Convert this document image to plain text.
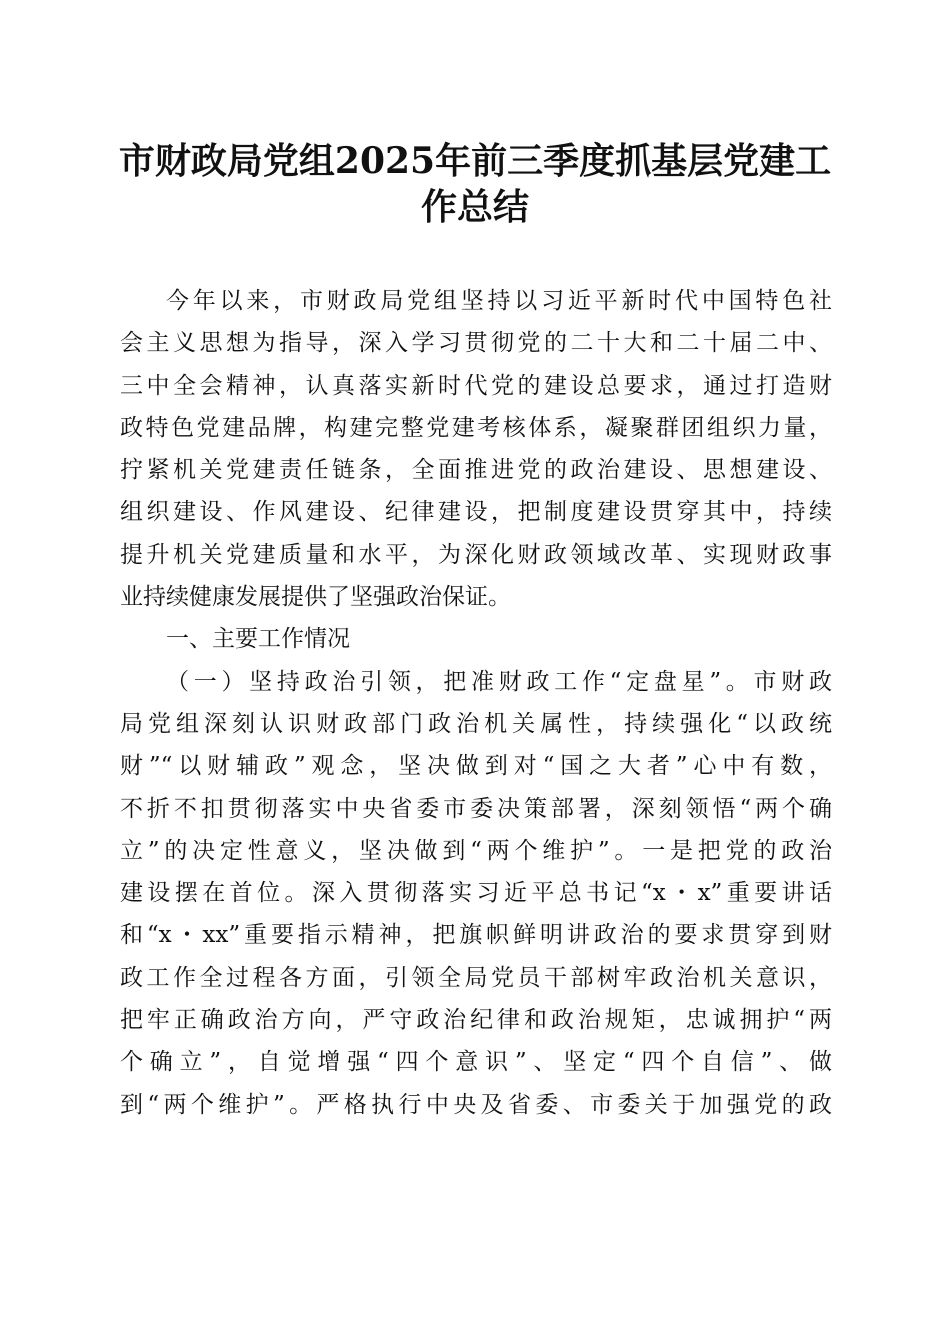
市财政局党组2025年前三季度抓基层党建工
作总结
今年以来，市财政局党组坚持以习近平新时代中国特色社
会主义思想为指导，深入学习贯彻党的二十大和二十届二中、
三中全会精神，认真落实新时代党的建设总要求，通过打造财
政特色党建品牌，构建完整党建考核体系，凝聚群团组织力量，
拧紧机关党建责任链条，全面推进党的政治建设、思想建设、
组织建设、作风建设、纪律建设，把制度建设贯穿其中，持续
提升机关党建质量和水平，为深化财政领域改革、实现财政事
业持续健康发展提供了坚强政治保证。
一、主要工作情况
（一）坚持政治引领，把准财政工作“定盘星”。市财政
局党组深刻认识财政部门政治机关属性，持续强化“以政统
财”“以财辅政”观念，坚决做到对“国之大者”心中有数，
不折不扣贯彻落实中央省委市委决策部署，深刻领悟“两个确
立”的决定性意义，坚决做到“两个维护”。一是把党的政治
建设摆在首位。深入贯彻落实习近平总书记“x・x”重要讲话
和“x・xx”重要指示精神，把旗帜鲜明讲政治的要求贯穿到财
政工作全过程各方面，引领全局党员干部树牢政治机关意识，
把牢正确政治方向，严守政治纪律和政治规矩，忠诚拥护“两
个确立”，自觉增强“四个意识”、坚定“四个自信”、做
到“两个维护”。严格执行中央及省委、市委关于加强党的政
